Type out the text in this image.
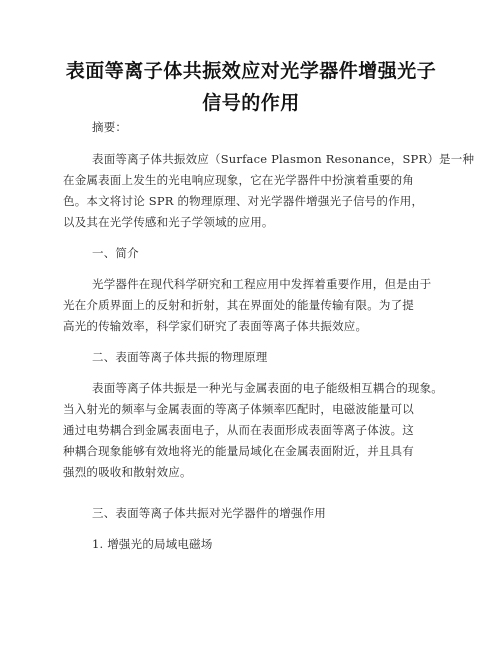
表面等离子体共振效应对光学器件增强光子
信号的作用
摘要：
表面等离子体共振效应（Surface Plasmon Resonance，SPR）是一种
在金属表面上发生的光电响应现象，它在光学器件中扮演着重要的角
色。本文将讨论 SPR 的物理原理、对光学器件增强光子信号的作用，
以及其在光学传感和光子学领域的应用。
一、简介
光学器件在现代科学研究和工程应用中发挥着重要作用，但是由于
光在介质界面上的反射和折射，其在界面处的能量传输有限。为了提
高光的传输效率，科学家们研究了表面等离子体共振效应。
二、表面等离子体共振的物理原理
表面等离子体共振是一种光与金属表面的电子能级相互耦合的现象。
当入射光的频率与金属表面的等离子体频率匹配时，电磁波能量可以
通过电势耦合到金属表面电子，从而在表面形成表面等离子体波。这
种耦合现象能够有效地将光的能量局域化在金属表面附近，并且具有
强烈的吸收和散射效应。
三、表面等离子体共振对光学器件的增强作用
1. 增强光的局域电磁场
